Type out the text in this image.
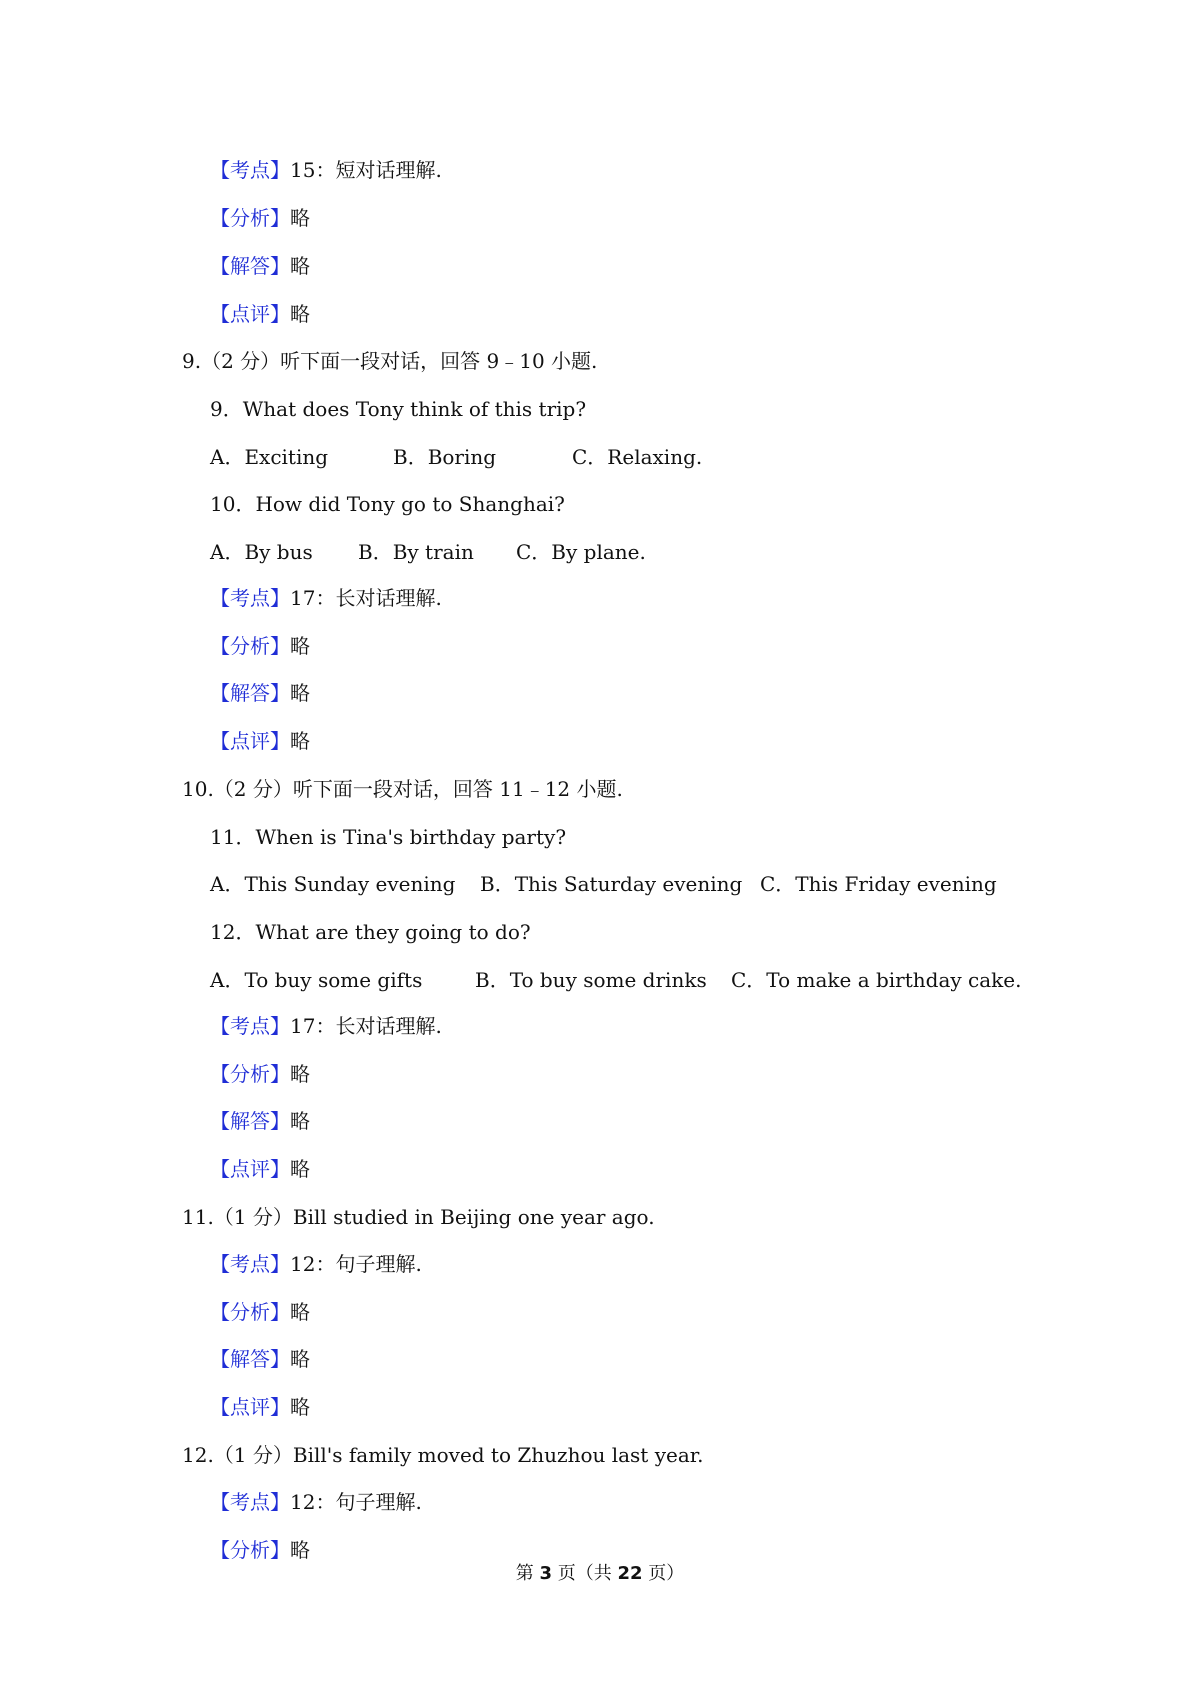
【考点】15：短对话理解.
【分析】略
【解答】略
【点评】略
9.（2 分）听下面一段对话，回答 9﹣10 小题.
9．What does Tony think of this trip?
A．Exciting	B．Boring	C．Relaxing.
10．How did Tony go to Shanghai?
A．By bus B．By train C．By plane.
【考点】17：长对话理解.
【分析】略
【解答】略
【点评】略
10.（2 分）听下面一段对话，回答 11﹣12 小题.
11．When is Tina's birthday party?
A．This Sunday evening B．This Saturday evening C．This Friday evening
12．What are they going to do?
A．To buy some gifts	B．To buy some drinks C．To make a birthday cake.
【考点】17：长对话理解.
【分析】略
【解答】略
【点评】略
11.（1 分）Bill studied in Beijing one year ago.
【考点】12：句子理解.
【分析】略
【解答】略
【点评】略
12.（1 分）Bill's family moved to Zhuzhou last year.
【考点】12：句子理解.
【分析】略
第 3 页（共 22 页）
